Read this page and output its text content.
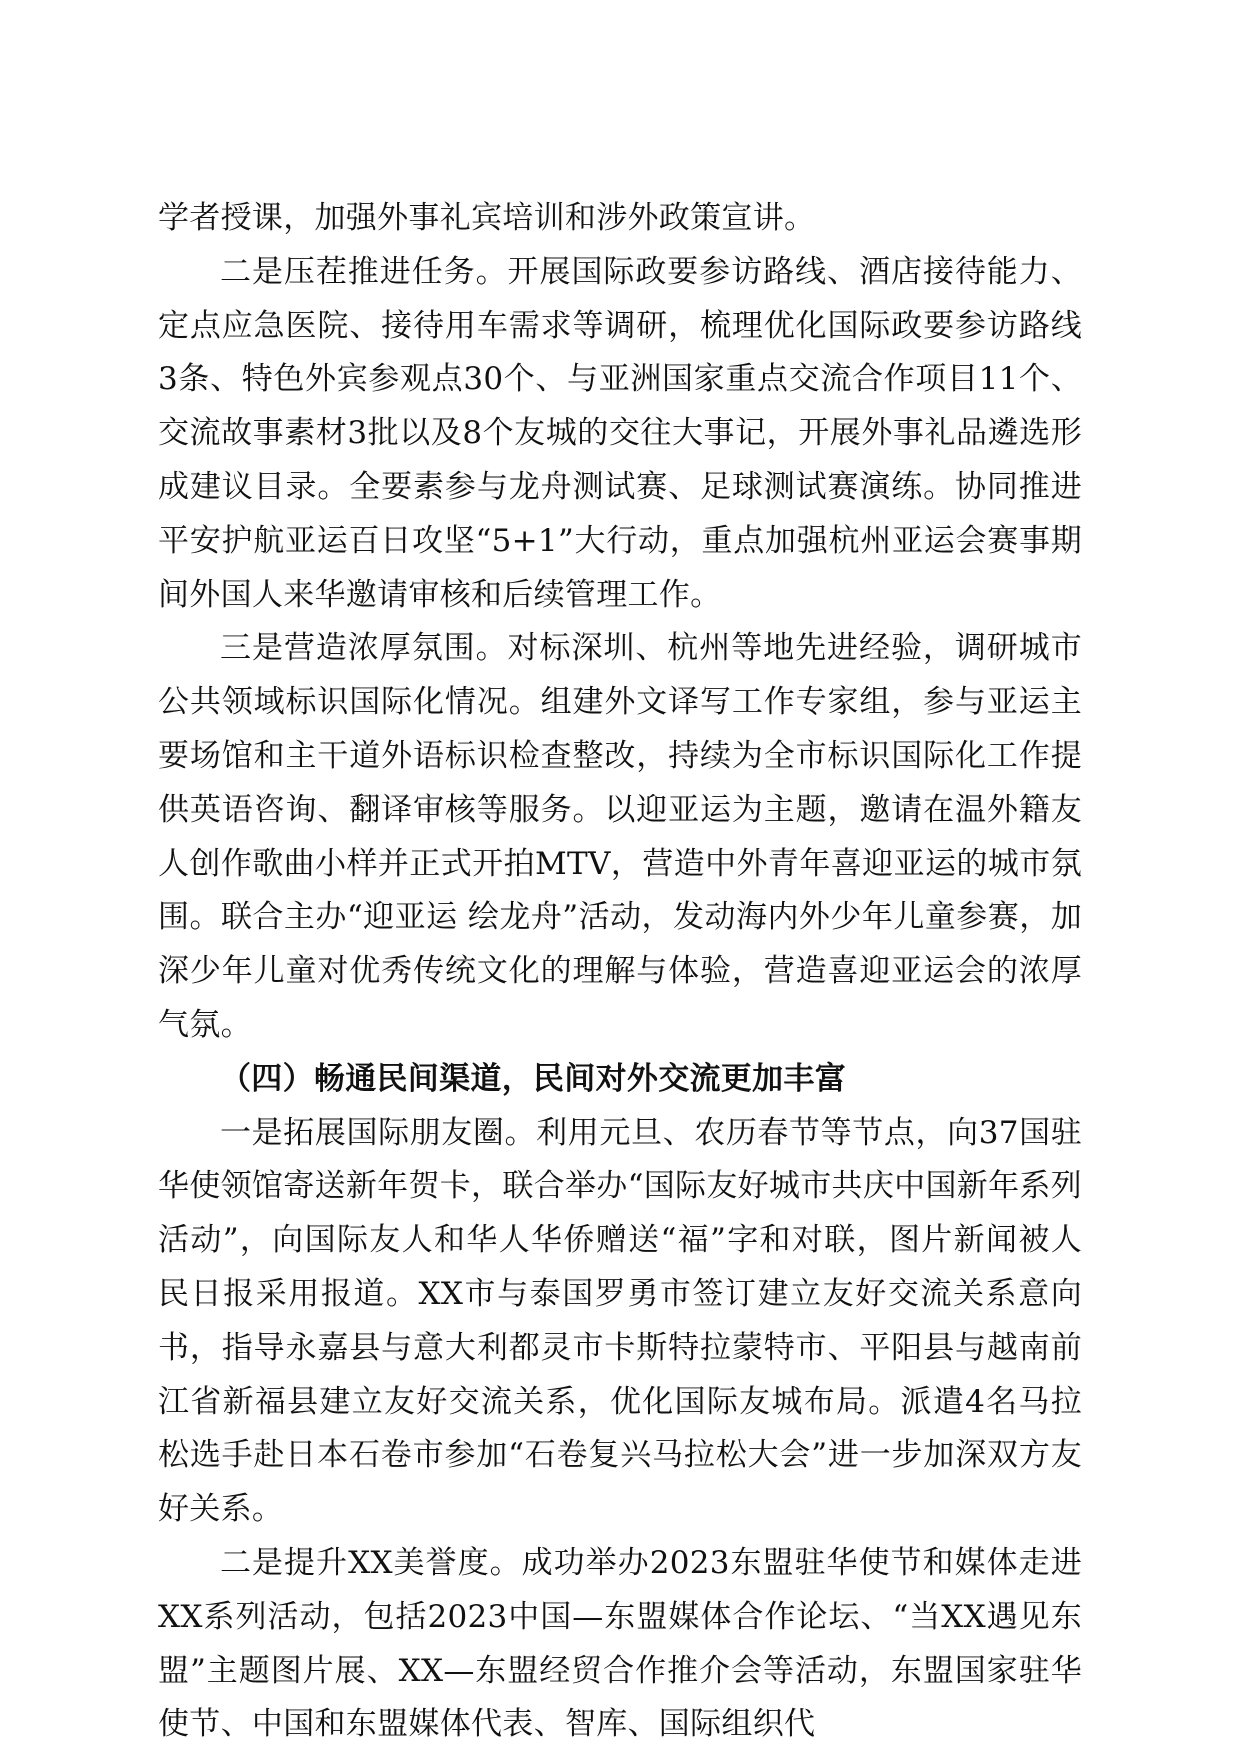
学者授课，加强外事礼宾培训和涉外政策宣讲。

二是压茬推进任务。开展国际政要参访路线、酒店接待能力、定点应急医院、接待用车需求等调研，梳理优化国际政要参访路线3条、特色外宾参观点30个、与亚洲国家重点交流合作项目11个、交流故事素材3批以及8个友城的交往大事记，开展外事礼品遴选形成建议目录。全要素参与龙舟测试赛、足球测试赛演练。协同推进平安护航亚运百日攻坚“5+1”大行动，重点加强杭州亚运会赛事期间外国人来华邀请审核和后续管理工作。

三是营造浓厚氛围。对标深圳、杭州等地先进经验，调研城市公共领域标识国际化情况。组建外文译写工作专家组，参与亚运主要场馆和主干道外语标识检查整改，持续为全市标识国际化工作提供英语咨询、翻译审核等服务。以迎亚运为主题，邀请在温外籍友人创作歌曲小样并正式开拍MTV，营造中外青年喜迎亚运的城市氛围。联合主办“迎亚运 绘龙舟”活动，发动海内外少年儿童参赛，加深少年儿童对优秀传统文化的理解与体验，营造喜迎亚运会的浓厚气氛。

（四）畅通民间渠道，民间对外交流更加丰富

一是拓展国际朋友圈。利用元旦、农历春节等节点，向37国驻华使领馆寄送新年贺卡，联合举办“国际友好城市共庆中国新年系列活动”，向国际友人和华人华侨赠送“福”字和对联，图片新闻被人民日报采用报道。XX市与泰国罗勇市签订建立友好交流关系意向书，指导永嘉县与意大利都灵市卡斯特拉蒙特市、平阳县与越南前江省新福县建立友好交流关系，优化国际友城布局。派遣4名马拉松选手赴日本石卷市参加“石卷复兴马拉松大会”进一步加深双方友好关系。

二是提升XX美誉度。成功举办2023东盟驻华使节和媒体走进XX系列活动，包括2023中国—东盟媒体合作论坛、“当XX遇见东盟”主题图片展、XX—东盟经贸合作推介会等活动，东盟国家驻华使节、中国和东盟媒体代表、智库、国际组织代
